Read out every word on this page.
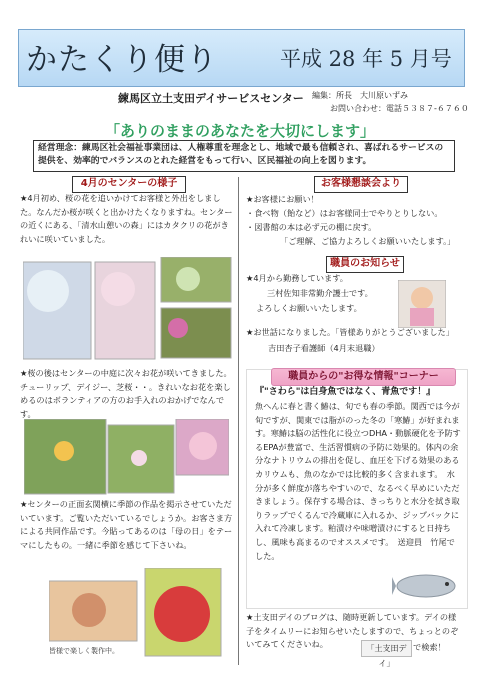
かたくり便り	平成 28 年 5 月号
練馬区立土支田デイサービスセンター 編集：所長　大川原いずみ
お問い合わせ：電話５３８７-６７６０
「ありのままのあなたを大切にします」
経営理念：練馬区社会福祉事業団は、人権尊重を理念とし、地域で最も信頼され、喜ばれるサービスの提供を、効率的でバランスのとれた経営をもって行い、区民福祉の向上を図ります。
4月のセンターの様子
★4月初め、桜の花を追いかけてお客様と外出をしました。なんだか桜が咲くと出かけたくなりますね。センターの近くにある、「清水山憩いの森」にはカタクリの花がきれいに咲いていました。
★桜の後はセンターの中庭に次々お花が咲いてきました。チューリップ、デイジー、芝桜・・。きれいなお花を楽しめるのはボランティアの方のお手入れのおかげでなんです。
★センターの正面玄関横に季節の作品を掲示させていただいています。ご覧いただいているでしょうか。お客さま方による共同作品です。今貼ってあるのは「母の日」をテーマにしたもの。一緒に季節を感じて下さいね。
皆様で楽しく製作中。
お客様懇談会より
★お客様にお願い！
・食べ物（飴など）はお客様同士でやりとりしない。
・図書館の本は必ず元の棚に戻す。
「ご理解、ご協力よろしくお願いいたします。」
職員のお知らせ
★4月から勤務しています。
三村佐知非常勤介護士です。
よろしくお願いいたします。
★お世話になりました。「皆様ありがとうございました」
吉田杏子看護師（4月末退職）
職員からの"お得な情報"コーナー
『"さわら"は白身魚ではなく、青魚です！』
魚へんに春と書く鰆は、旬でも春の季節。関西では今が旬ですが、関東では脂がのった冬の「寒鰆」が好まれます。寒鰆は脳の活性化に役立つDHA・動脈硬化を予防するEPAが豊富で、生活習慣病の予防に効果的。体内の余分なナトリウムの排出を促し、血圧を下げる効果のあるカリウムも、魚のなかでは比較的多く含まれます。　水分が多く鮮度が落ちやすいので、なるべく早めにいただきましょう。保存する場合は、きっちりと水分を拭き取りラップでくるんで冷蔵庫に入れるか、ジップバックに入れて冷凍します。粕漬けや味噌漬けにすると日持ちし、風味も高まるのでオススメです。　送迎員　竹尾でした。
★土支田デイのブログは、随時更新しています。デイの様子をタイムリーにお知らせいたしますので、ちょっとのぞいてみてくださいね。	「土支田デイ」
で検索！
